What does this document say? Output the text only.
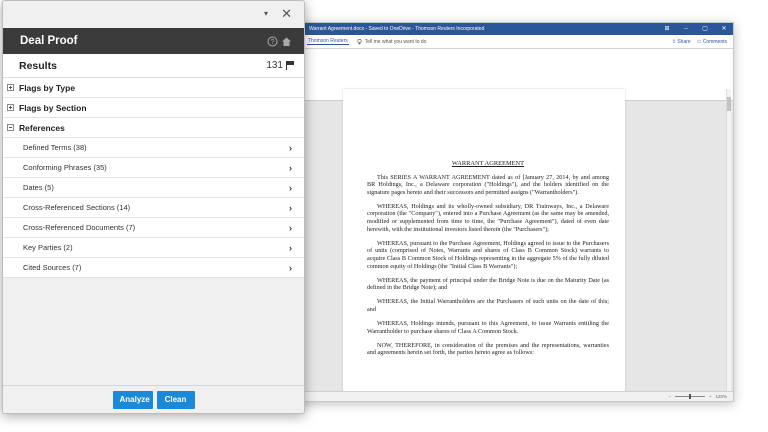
Warrant Agreement.docx - Saved to OneDrive - Thomson Reuters Incorporated	⊞	–	▢	✕
Thomson Reuters	Tell me what you want to do	⇪ Share ▭ Comments
WARRANT AGREEMENT

This SERIES A WARRANT AGREEMENT dated as of [January 27, 2014, by and among BR Holdings, Inc., a Delaware corporation ("Holdings"), and the holders identified on the signature pages hereto and their successors and permitted assigns ("Warrantholders").

WHEREAS, Holdings and its wholly-owned subsidiary, DR Trainways, Inc., a Delaware corporation (the "Company"), entered into a Purchase Agreement (as the same may be amended, modified or supplemented from time to time, the "Purchase Agreement"), dated of even date herewith, with the institutional investors listed therein (the "Purchasers");

WHEREAS, pursuant to the Purchase Agreement, Holdings agreed to issue to the Purchasers of units (comprised of Notes, Warrants and shares of Class B Common Stock) warrants to acquire Class B Common Stock of Holdings representing in the aggregate 5% of the fully diluted common equity of Holdings (the "Initial Class B Warrants");

WHEREAS, the payment of principal under the Bridge Note is due on the Maturity Date (as defined in the Bridge Note); and

WHEREAS, the Initial Warrantholders are the Purchasers of such units on the date of this; and

WHEREAS, Holdings intends, pursuant to this Agreement, to issue Warrants entitling the Warrantholder to purchase shares of Class A Common Stock.

NOW, THEREFORE, in consideration of the premises and the representations, warranties and agreements herein set forth, the parties hereto agree as follows:

–	+ 120%
▾ ✕
Deal Proof	?
Results	131
Flags by Type
Flags by Section
References
Defined Terms (38)	›
Conforming Phrases (35)	›
Dates (5)	›
Cross-Referenced Sections (14)	›
Cross-Referenced Documents (7)	›
Key Parties (2)	›
Cited Sources (7)	›
Analyze	Clean
